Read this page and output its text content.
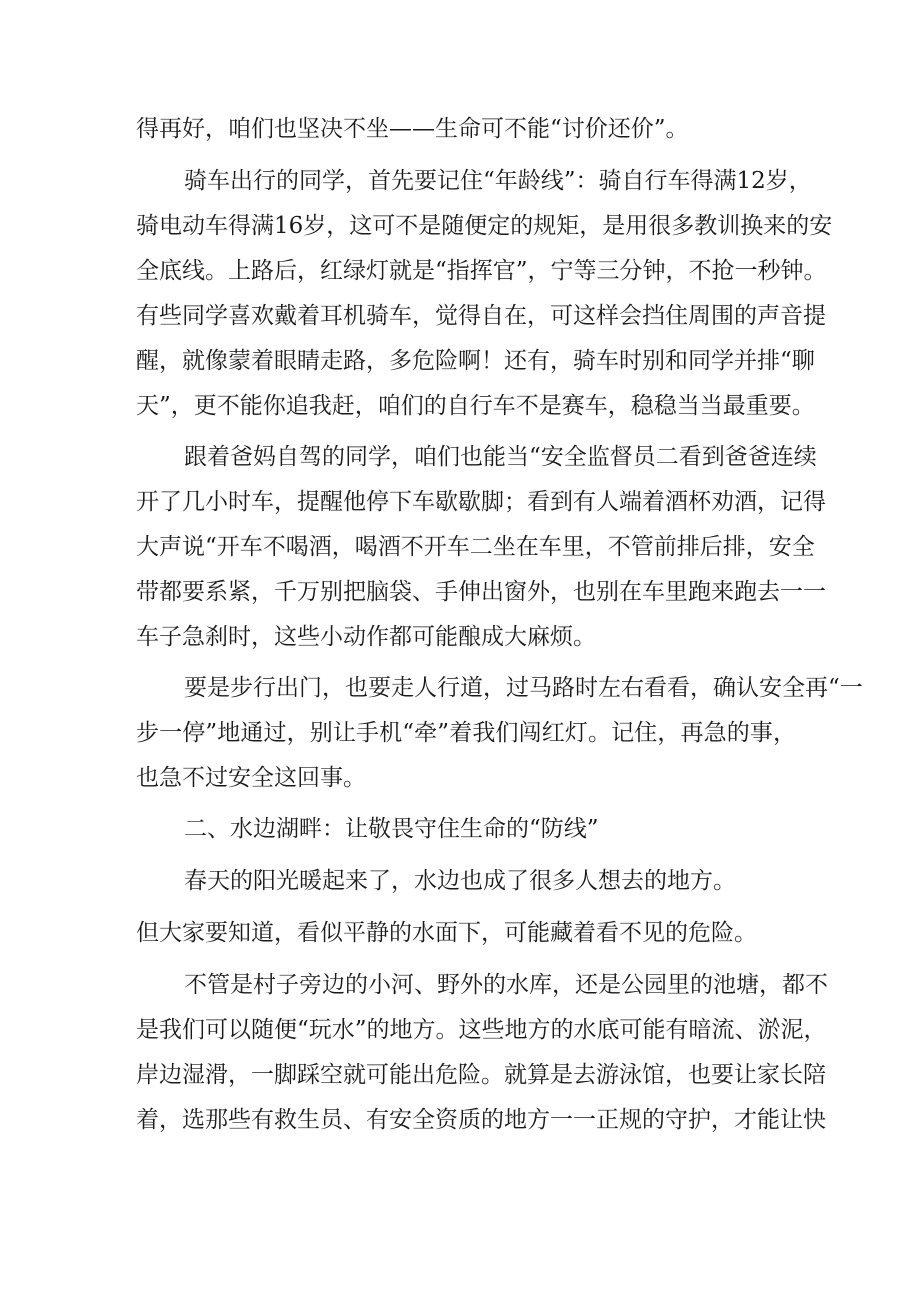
得再好，咱们也坚决不坐——生命可不能“讨价还价”。
骑车出行的同学，首先要记住“年龄线”：骑自行车得满12岁，
骑电动车得满16岁，这可不是随便定的规矩，是用很多教训换来的安
全底线。上路后，红绿灯就是“指挥官”，宁等三分钟，不抢一秒钟。
有些同学喜欢戴着耳机骑车，觉得自在，可这样会挡住周围的声音提
醒，就像蒙着眼睛走路，多危险啊！还有，骑车时别和同学并排“聊
天”，更不能你追我赶，咱们的自行车不是赛车，稳稳当当最重要。
跟着爸妈自驾的同学，咱们也能当“安全监督员二看到爸爸连续
开了几小时车，提醒他停下车歇歇脚；看到有人端着酒杯劝酒，记得
大声说“开车不喝酒，喝酒不开车二坐在车里，不管前排后排，安全
带都要系紧，千万别把脑袋、手伸出窗外，也别在车里跑来跑去一一
车子急刹时，这些小动作都可能酿成大麻烦。
要是步行出门，也要走人行道，过马路时左右看看，确认安全再“一
步一停”地通过，别让手机“牵”着我们闯红灯。记住，再急的事，
也急不过安全这回事。
二、水边湖畔：让敬畏守住生命的“防线”
春天的阳光暖起来了，水边也成了很多人想去的地方。
但大家要知道，看似平静的水面下，可能藏着看不见的危险。
不管是村子旁边的小河、野外的水库，还是公园里的池塘，都不
是我们可以随便“玩水”的地方。这些地方的水底可能有暗流、淤泥，
岸边湿滑，一脚踩空就可能出危险。就算是去游泳馆，也要让家长陪
着，选那些有救生员、有安全资质的地方一一正规的守护，才能让快
